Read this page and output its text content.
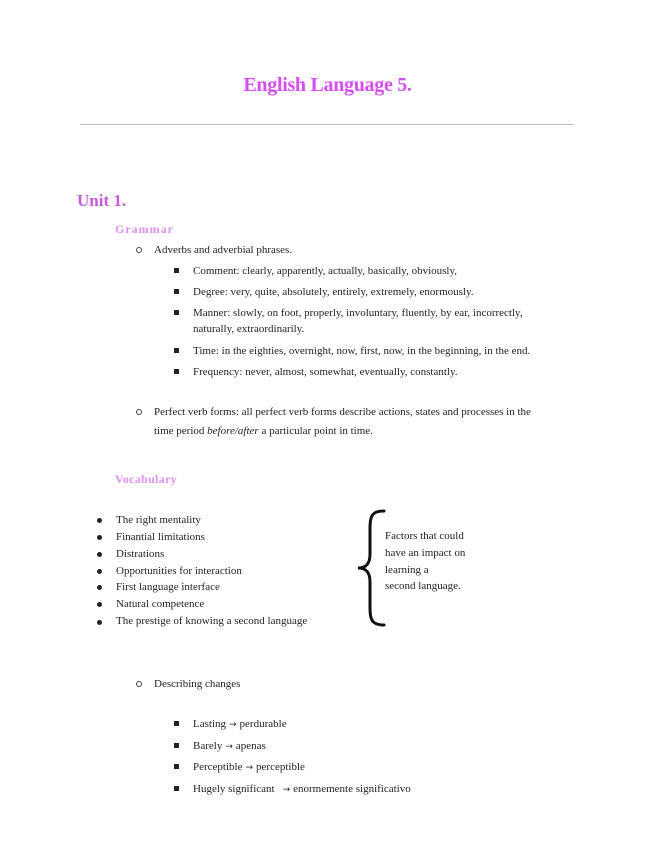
English Language 5.
Unit 1.
Grammar
Adverbs and adverbial phrases.
Comment: clearly, apparently, actually, basically, obviously,
Degree: very, quite, absolutely, entirely, extremely, enormously.
Manner: slowly, on foot, properly, involuntary, fluently, by ear, incorrectly,
naturally, extraordinarily.
Time: in the eighties, overnight, now, first, now, in the beginning, in the end.
Frequency: never, almost, somewhat, eventually, constantly.
Perfect verb forms: all perfect verb forms describe actions, states and processes in the
time period before/after a particular point in time.
Vocabulary
The right mentality
Finantial limitations
Distrations
Opportunities for interaction
First language interface
Natural competence
The prestige of knowing a second language
Factors that could
have an impact on
learning a
second language.
Describing changes
Lasting → perdurable
Barely → apenas
Perceptible → perceptible
Hugely significant → enormemente significativo
